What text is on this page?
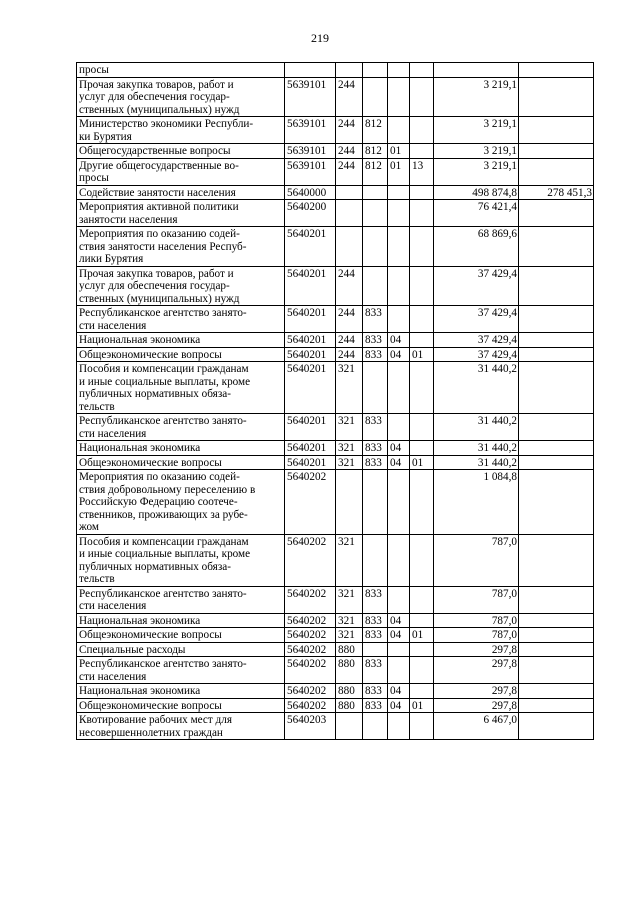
219
просы							

Прочая закупка товаров, работ и
услуг для обеспечения государ-
ственных (муниципальных) нужд	5639101	244				3 219,1	

Министерство экономики Республи-
ки Бурятия	5639101	244	812			3 219,1	

Общегосударственные вопросы	5639101	244	812	01		3 219,1	

Другие общегосударственные во-
просы	5639101	244	812	01	13	3 219,1	

Содействие занятости населения	5640000					498 874,8	278 451,3

Мероприятия активной политики
занятости населения	5640200					76 421,4	

Мероприятия по оказанию содей-
ствия занятости населения Респуб-
лики Бурятия	5640201					68 869,6	

Прочая закупка товаров, работ и
услуг для обеспечения государ-
ственных (муниципальных) нужд	5640201	244				37 429,4	

Республиканское агентство занято-
сти населения	5640201	244	833			37 429,4	

Национальная экономика	5640201	244	833	04		37 429,4	

Общеэкономические вопросы	5640201	244	833	04	01	37 429,4	

Пособия и компенсации гражданам
и иные социальные выплаты, кроме
публичных нормативных обяза-
тельств	5640201	321				31 440,2	

Республиканское агентство занято-
сти населения	5640201	321	833			31 440,2	

Национальная экономика	5640201	321	833	04		31 440,2	

Общеэкономические вопросы	5640201	321	833	04	01	31 440,2	

Мероприятия по оказанию содей-
ствия добровольному переселению в
Российскую Федерацию соотече-
ственников, проживающих за рубе-
жом	5640202					1 084,8	

Пособия и компенсации гражданам
и иные социальные выплаты, кроме
публичных нормативных обяза-
тельств	5640202	321				787,0	

Республиканское агентство занято-
сти населения	5640202	321	833			787,0	

Национальная экономика	5640202	321	833	04		787,0	

Общеэкономические вопросы	5640202	321	833	04	01	787,0	

Специальные расходы	5640202	880				297,8	

Республиканское агентство занято-
сти населения	5640202	880	833			297,8	

Национальная экономика	5640202	880	833	04		297,8	

Общеэкономические вопросы	5640202	880	833	04	01	297,8	

Квотирование рабочих мест для
несовершеннолетних граждан	5640203					6 467,0	
